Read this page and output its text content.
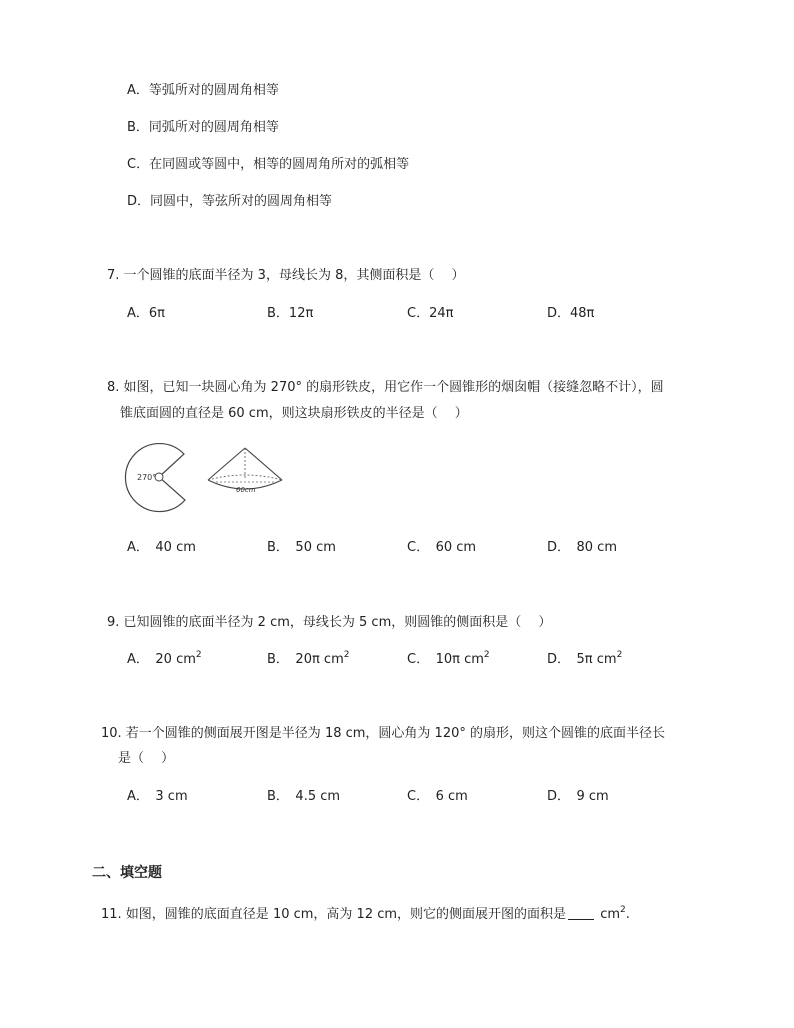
A．等弧所对的圆周角相等
B．同弧所对的圆周角相等
C．在同圆或等圆中，相等的圆周角所对的弧相等
D．同圆中，等弦所对的圆周角相等
7. 一个圆锥的底面半径为 3，母线长为 8，其侧面积是（　 ）
A．6π	B．12π	C．24π	D．48π
8. 如图，已知一块圆心角为 270° 的扇形铁皮，用它作一个圆锥形的烟囱帽（接缝忽略不计），圆
锥底面圆的直径是 60 cm，则这块扇形铁皮的半径是（　 ）
270°
60cm
A．　40 cm	B．　50 cm	C．　60 cm	D．　80 cm
9. 已知圆锥的底面半径为 2 cm，母线长为 5 cm，则圆锥的侧面积是（　 ）
A．　20 $cm^2$	B．　20π $cm^2$	C．　10π $cm^2$	D．　5π $cm^2$
10. 若一个圆锥的侧面展开图是半径为 18 cm，圆心角为 120° 的扇形，则这个圆锥的底面半径长
是（　 ）
A．　3 cm	B．　4.5 cm	C．　6 cm	D．　9 cm
二、填空题
11. 如图，圆锥的底面直径是 10 cm，高为 12 cm，则它的侧面展开图的面积是	$cm^2$.
